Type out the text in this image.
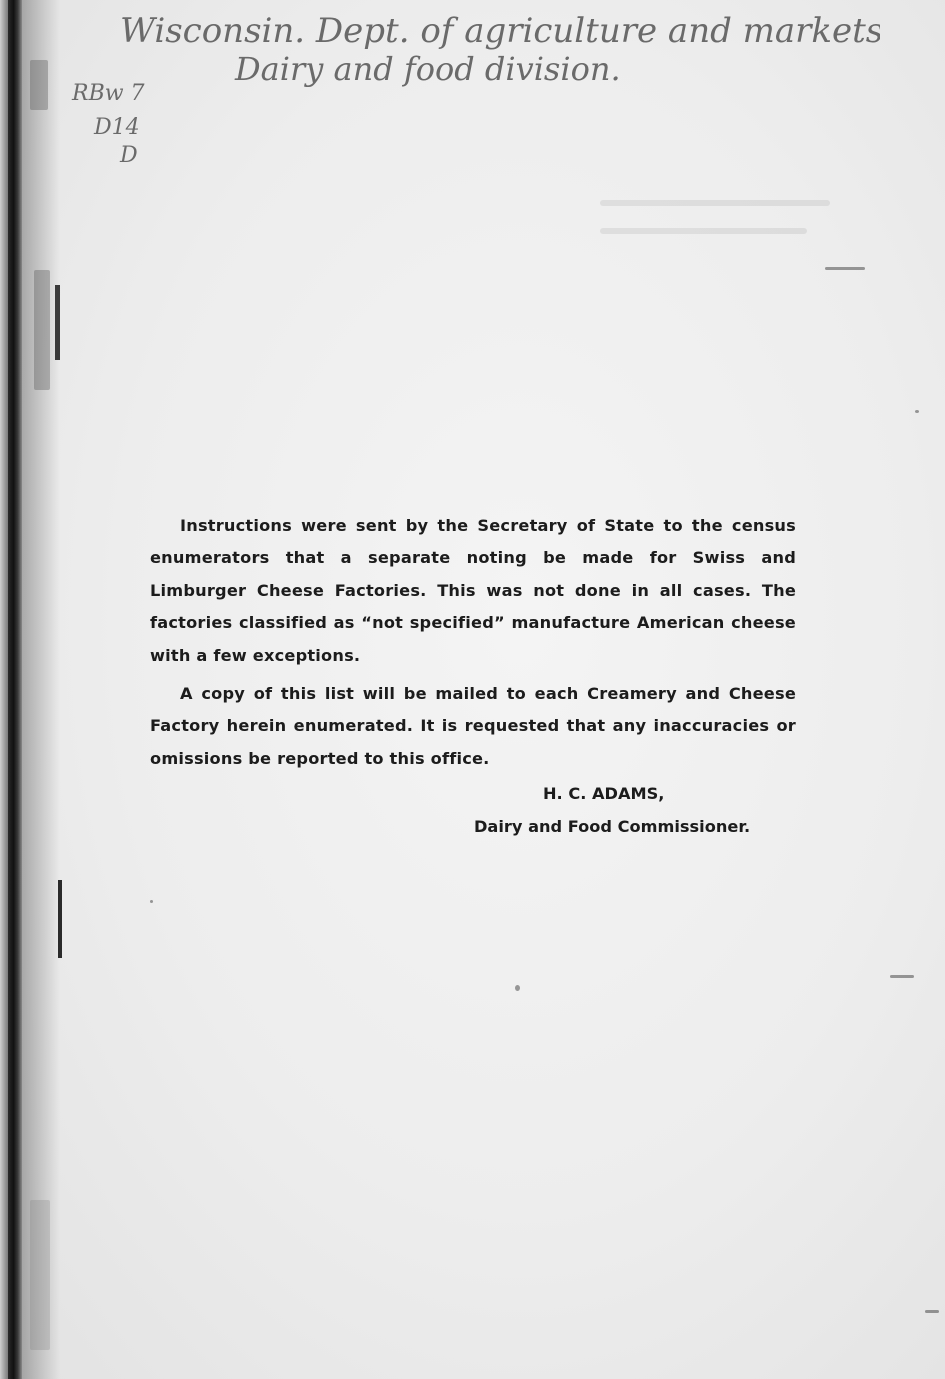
Wisconsin. Dept. of agriculture and markets.
Dairy and food division.
RBw 7
D14
D

Instructions were sent by the Secretary of State to the census enumerators that a separate noting be made for Swiss and Limburger Cheese Factories. This was not done in all cases. The factories classified as “not specified” manufacture American cheese with a few exceptions.

A copy of this list will be mailed to each Creamery and Cheese Factory herein enumerated. It is requested that any inaccuracies or omissions be reported to this office.

H. C. ADAMS,
Dairy and Food Commissioner.
